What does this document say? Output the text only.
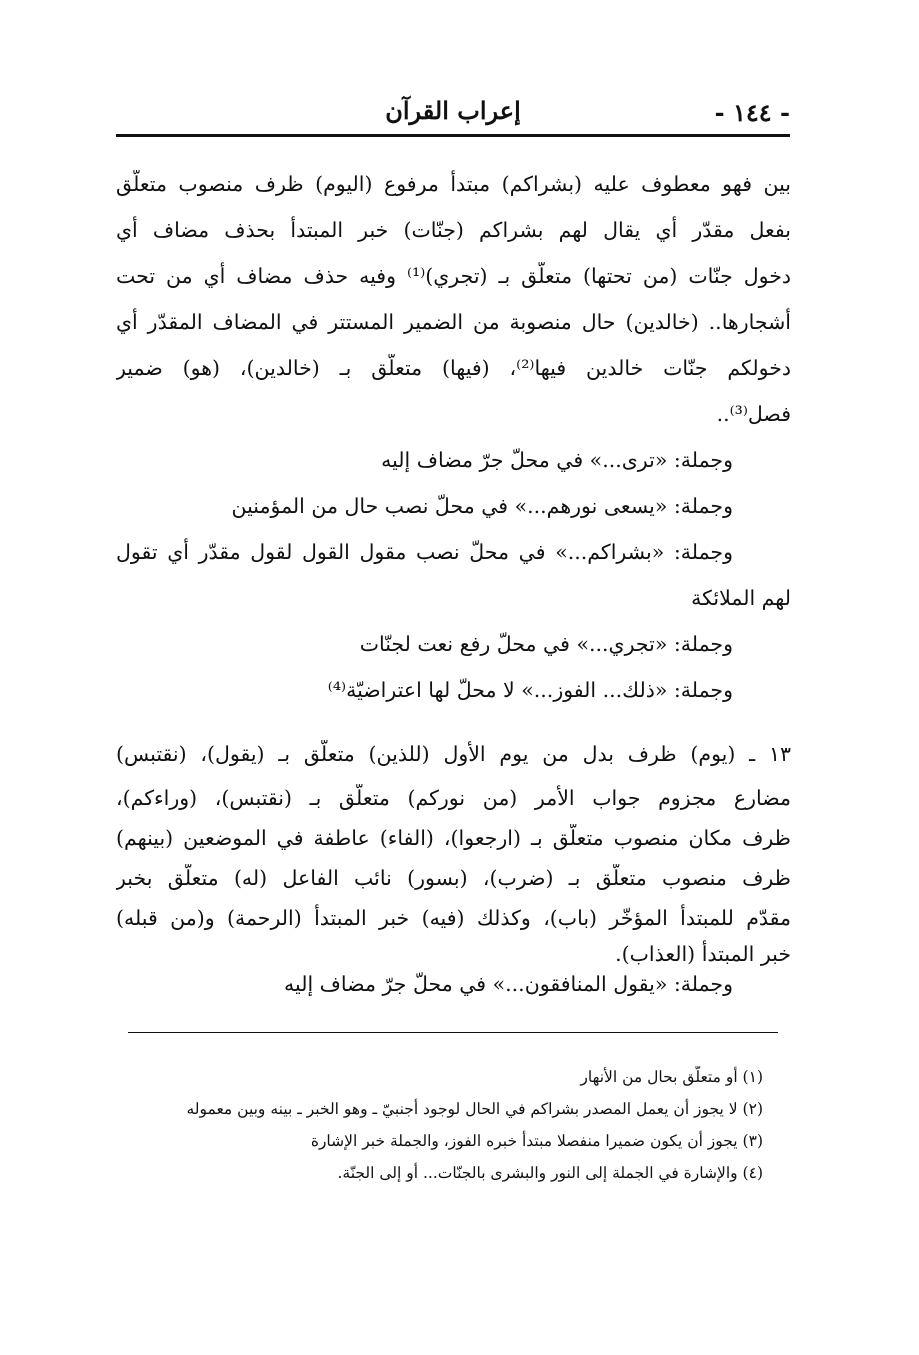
- ١٤٤ -
إعراب القرآن
بين فهو معطوف عليه (بشراكم) مبتدأ مرفوع (اليوم) ظرف منصوب متعلّق
بفعل مقدّر أي يقال لهم بشراكم (جنّات) خبر المبتدأ بحذف مضاف أي
دخول جنّات (من تحتها) متعلّق بـ (تجري)⁽¹⁾ وفيه حذف مضاف أي من تحت
أشجارها.. (خالدين) حال منصوبة من الضمير المستتر في المضاف المقدّر أي
دخولكم جنّات خالدين فيها⁽²⁾، (فيها) متعلّق بـ (خالدين)، (هو) ضمير
فصل⁽³⁾..
وجملة: «ترى...» في محلّ جرّ مضاف إليه
وجملة: «يسعى نورهم...» في محلّ نصب حال من المؤمنين
وجملة: «بشراكم...» في محلّ نصب مقول القول لقول مقدّر أي تقول
لهم الملائكة
وجملة: «تجري...» في محلّ رفع نعت لجنّات
وجملة: «ذلك... الفوز...» لا محلّ لها اعتراضيّة⁽⁴⁾
١٣ ـ (يوم) ظرف بدل من يوم الأول (للذين) متعلّق بـ (يقول)، (نقتبس)
مضارع مجزوم جواب الأمر (من نوركم) متعلّق بـ (نقتبس)، (وراءكم)،
ظرف مكان منصوب متعلّق بـ (ارجعوا)، (الفاء) عاطفة في الموضعين (بينهم)
ظرف منصوب متعلّق بـ (ضرب)، (بسور) نائب الفاعل (له) متعلّق بخبر
مقدّم للمبتدأ المؤخّر (باب)، وكذلك (فيه) خبر المبتدأ (الرحمة) و(من قبله)
خبر المبتدأ (العذاب).
وجملة: «يقول المنافقون...» في محلّ جرّ مضاف إليه
(١) أو متعلّق بحال من الأنهار
(٢) لا يجوز أن يعمل المصدر بشراكم في الحال لوجود أجنبيّ ـ وهو الخبر ـ بينه وبين معموله
(٣) يجوز أن يكون ضميرا منفصلا مبتدأ خبره الفوز، والجملة خبر الإشارة
(٤) والإشارة في الجملة إلى النور والبشرى بالجنّات... أو إلى الجنّة.
